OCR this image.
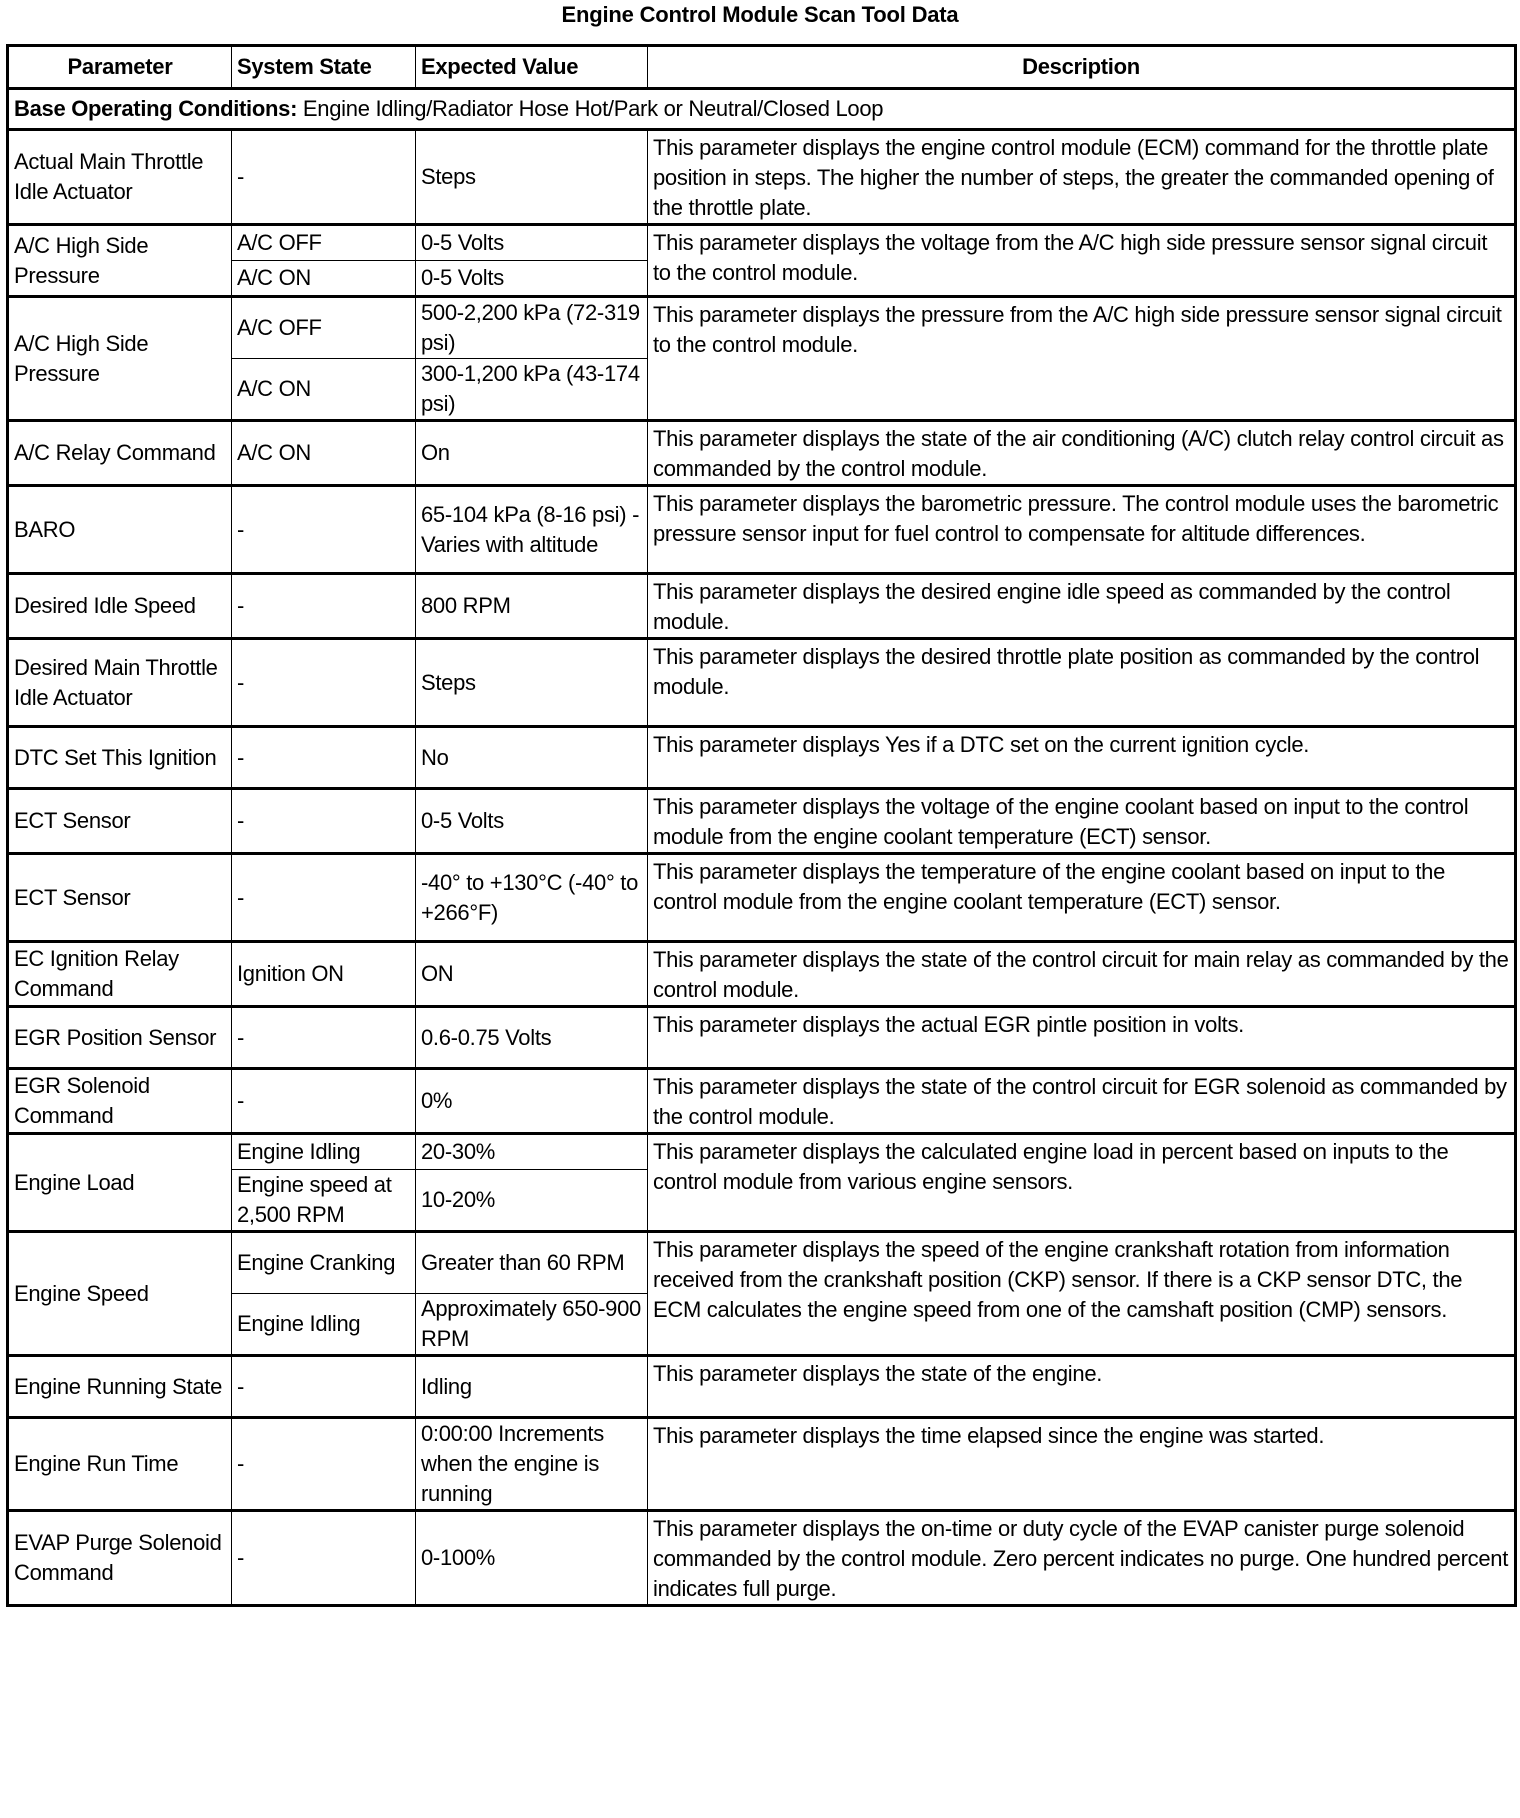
Engine Control Module Scan Tool Data
Parameter	System State	Expected Value	Description
Base Operating Conditions: Engine Idling/Radiator Hose Hot/Park or Neutral/Closed Loop			
Actual Main Throttle Idle Actuator	-	Steps	This parameter displays the engine control module (ECM) command for the throttle plate position in steps. The higher the number of steps, the greater the commanded opening of the throttle plate.
A/C High Side Pressure	A/C OFF	0-5 Volts	This parameter displays the voltage from the A/C high side pressure sensor signal circuit to the control module.
	A/C ON	0-5 Volts	
A/C High Side Pressure	A/C OFF	500-2,200 kPa (72-319 psi)	This parameter displays the pressure from the A/C high side pressure sensor signal circuit to the control module.
	A/C ON	300-1,200 kPa (43-174 psi)	
A/C Relay Command	A/C ON	On	This parameter displays the state of the air conditioning (A/C) clutch relay control circuit as commanded by the control module.
BARO	-	65-104 kPa (8-16 psi) - Varies with altitude	This parameter displays the barometric pressure. The control module uses the barometric pressure sensor input for fuel control to compensate for altitude differences.
Desired Idle Speed	-	800 RPM	This parameter displays the desired engine idle speed as commanded by the control module.
Desired Main Throttle Idle Actuator	-	Steps	This parameter displays the desired throttle plate position as commanded by the control module.
DTC Set This Ignition	-	No	This parameter displays Yes if a DTC set on the current ignition cycle.
ECT Sensor	-	0-5 Volts	This parameter displays the voltage of the engine coolant based on input to the control module from the engine coolant temperature (ECT) sensor.
ECT Sensor	-	-40° to +130°C (-40° to +266°F)	This parameter displays the temperature of the engine coolant based on input to the control module from the engine coolant temperature (ECT) sensor.
EC Ignition Relay Command	Ignition ON	ON	This parameter displays the state of the control circuit for main relay as commanded by the control module.
EGR Position Sensor	-	0.6-0.75 Volts	This parameter displays the actual EGR pintle position in volts.
EGR Solenoid Command	-	0%	This parameter displays the state of the control circuit for EGR solenoid as commanded by the control module.
Engine Load	Engine Idling	20-30%	This parameter displays the calculated engine load in percent based on inputs to the control module from various engine sensors.
	Engine speed at 2,500 RPM	10-20%	
Engine Speed	Engine Cranking	Greater than 60 RPM	This parameter displays the speed of the engine crankshaft rotation from information received from the crankshaft position (CKP) sensor. If there is a CKP sensor DTC, the ECM calculates the engine speed from one of the camshaft position (CMP) sensors.
	Engine Idling	Approximately 650-900 RPM	
Engine Running State	-	Idling	This parameter displays the state of the engine.
Engine Run Time	-	0:00:00 Increments when the engine is running	This parameter displays the time elapsed since the engine was started.
EVAP Purge Solenoid Command	-	0-100%	This parameter displays the on-time or duty cycle of the EVAP canister purge solenoid commanded by the control module. Zero percent indicates no purge. One hundred percent indicates full purge.
